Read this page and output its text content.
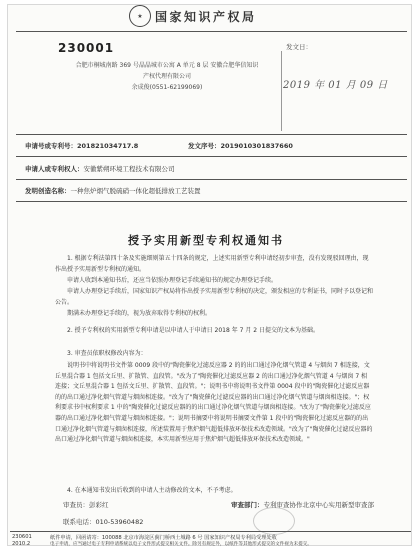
★	国家知识产权局
230001
合肥市桐城南路 369 号晶晶城市公寓 A 单元 8 层 安徽合肥华信知识
产权代理有限公司
余成俊(0551-62199069)
发文日：
2019 年 01 月 09 日
申请号或专利号：201821034717.8	发文序号：2019010301837660
申请人或专利权人：安徽紫朔环境工程技术有限公司
发明创造名称：一种焦炉烟气脱硫硝一体化超低排放工艺装置
授予实用新型专利权通知书
1. 根据专利法第四十条及实施细则第五十四条的规定，上述实用新型专利申请经初步审查，没有发现驳回理由，现作出授予实用新型专利权的通知。
申请人收到本通知书后，还应当依照办理登记手续通知书的规定办理登记手续。
申请人办理登记手续后，国家知识产权局将作出授予实用新型专利权的决定，颁发相应的专利证书，同时予以登记和公告。
期满未办理登记手续的，视为放弃取得专利权的权利。
2. 授予专利权的实用新型专利申请是以申请人于申请日 2018 年 7 月 2 日提交的文本为基础。
3. 审查员依职权修改内容为：
说明书中将说明书文件第 0009 段中的"陶瓷催化过滤反应器 2 的的出口通过净化烟气管道 4 与烟囱 7 相连接，文丘里混合器 1 包括文丘里、扩散管、直段管。"改为了"陶瓷催化过滤反应器 2 的出口通过净化烟气管道 4 与烟囱 7 相连接；文丘里混合器 1 包括文丘里、扩散管、直段管。"；说明书中将说明书文件第 0004 段中的"陶瓷催化过滤反应器的的出口通过净化烟气管道与烟囱相连接。"改为了"陶瓷催化过滤反应器的出口通过净化烟气管道与烟囱相连接。"；权利要求书中权利要求 1 中的"陶瓷催化过滤反应器的的出口通过净化烟气管道与烟囱相连接。"改为了"陶瓷催化过滤反应器的出口通过净化烟气管道与烟囱相连接。"；说明书摘要中将说明书摘要文件第 1 段中的"陶瓷催化过滤反应器的的出口通过净化烟气管道与烟囱相连接，所述装置用于焦炉烟气超低排放环保技术改造领域。"改为了"陶瓷催化过滤反应器的出口通过净化烟气管道与烟囱相连接，本实用新型应用于焦炉烟气超低排放环保技术改造领域。"
4. 在本通知书发出后收到的申请人主动修改的文本，不予考虑。
审查员：彭彩红	审查部门：专利审查协作北京中心实用新型审查部
联系电话：010-53960482
230601
2010.2
纸件申请，回函请寄：100088 北京市海淀区蓟门桥西土城路 6 号 国家知识产权局专利局受理处收
电子申请，应当通过电子专利申请系统以电子文件形式提交相关文件。除另有规定外，以纸件等其他形式提交的文件视为未提交。
